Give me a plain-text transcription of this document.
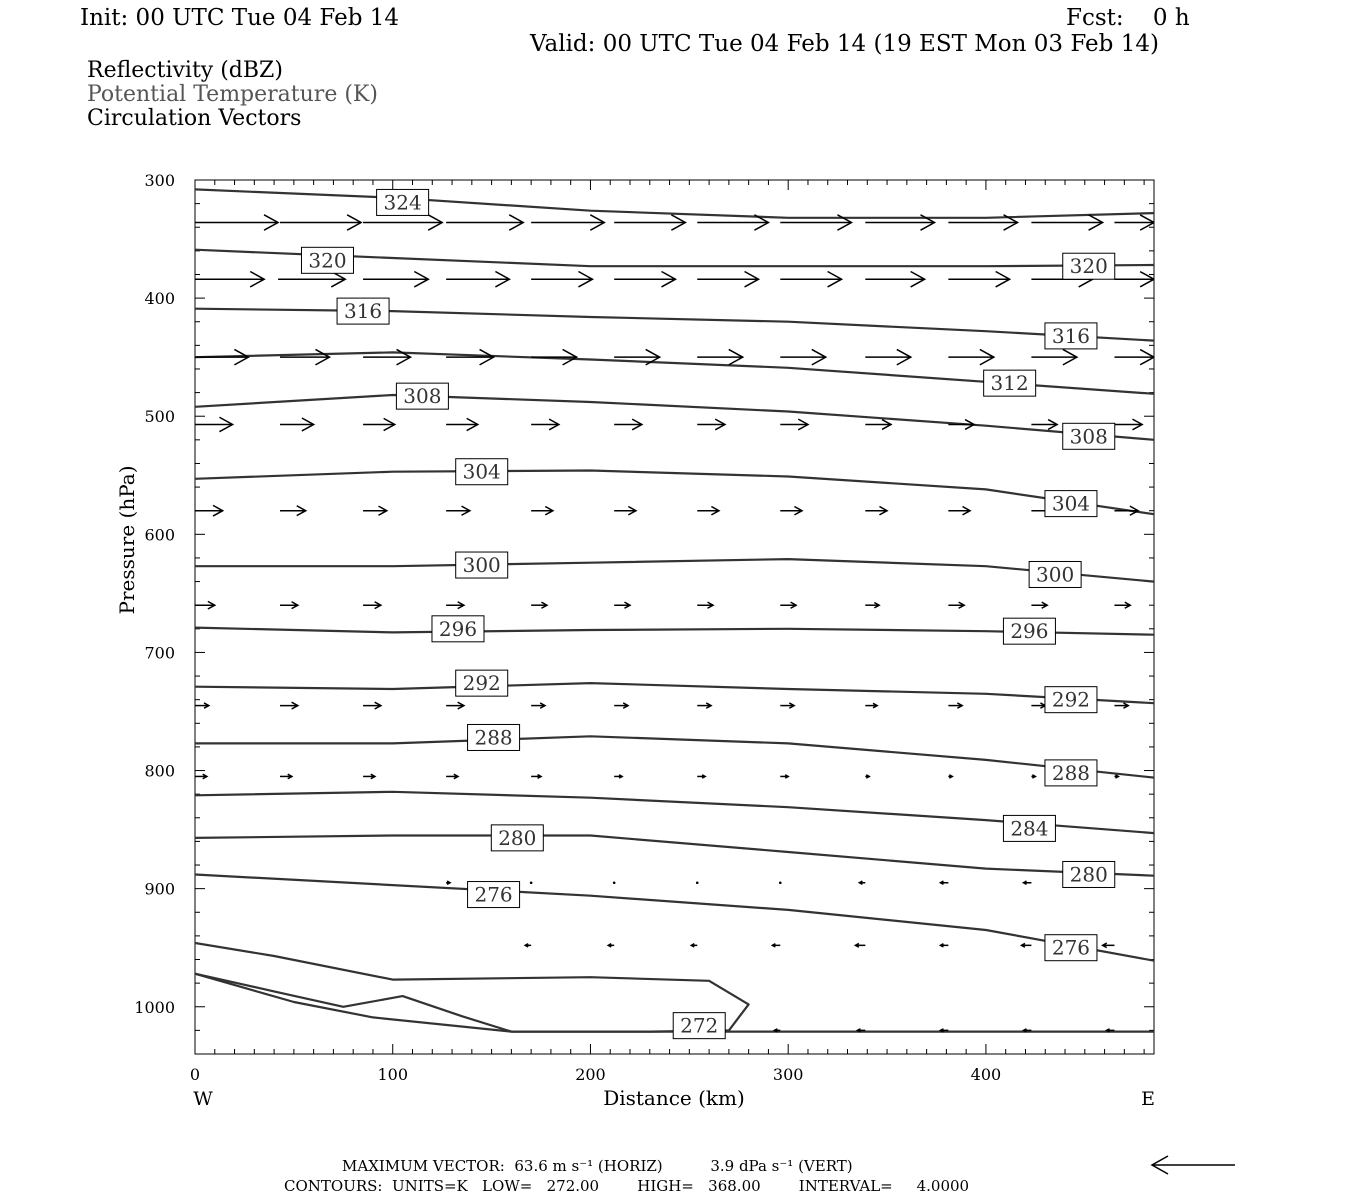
Init: 00 UTC Tue 04 Feb 14	Fcst:    0 h
Valid: 00 UTC Tue 04 Feb 14 (19 EST Mon 03 Feb 14)
Reflectivity (dBZ)
Potential Temperature (K)
Circulation Vectors
0	100	200	300	400
300
400
500
600
700
800
900
1000
324
320	320
316
316
312
308
308
304
304
300	300
296	296
292
292
288
288
284
280
280
276
276
272
Distance (km)
W	E
Pressure (hPa)
MAXIMUM VECTOR:  63.6 m s⁻¹ (HORIZ)          3.9 dPa s⁻¹ (VERT)
CONTOURS:  UNITS=K   LOW=   272.00        HIGH=   368.00        INTERVAL=     4.0000
